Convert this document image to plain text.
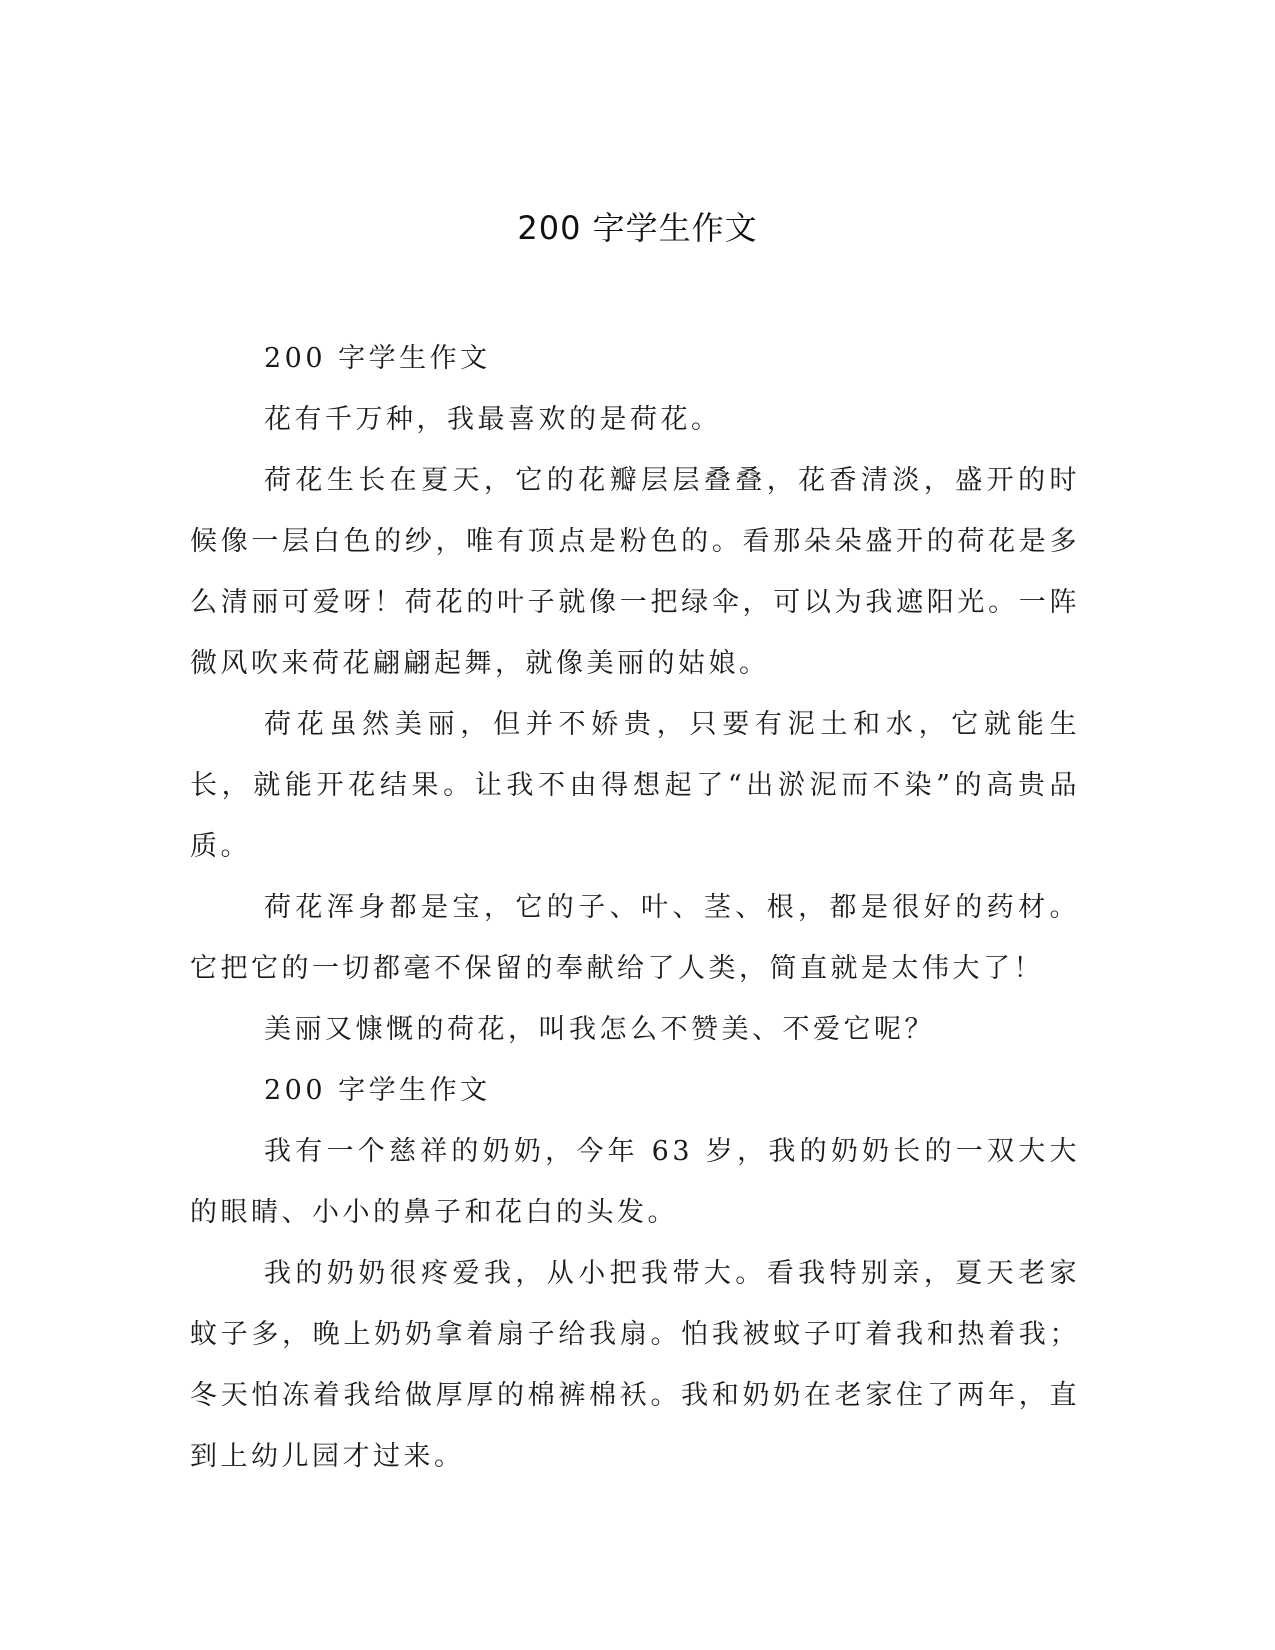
200 字学生作文

200 字学生作文

花有千万种，我最喜欢的是荷花。

荷花生长在夏天，它的花瓣层层叠叠，花香清淡，盛开的时候像一层白色的纱，唯有顶点是粉色的。看那朵朵盛开的荷花是多么清丽可爱呀！荷花的叶子就像一把绿伞，可以为我遮阳光。一阵微风吹来荷花翩翩起舞，就像美丽的姑娘。

荷花虽然美丽，但并不娇贵，只要有泥土和水，它就能生长，就能开花结果。让我不由得想起了“出淤泥而不染”的高贵品质。

荷花浑身都是宝，它的子、叶、茎、根，都是很好的药材。它把它的一切都毫不保留的奉献给了人类，简直就是太伟大了！

美丽又慷慨的荷花，叫我怎么不赞美、不爱它呢？

200 字学生作文

我有一个慈祥的奶奶，今年 63 岁，我的奶奶长的一双大大的眼睛、小小的鼻子和花白的头发。

我的奶奶很疼爱我，从小把我带大。看我特别亲，夏天老家蚊子多，晚上奶奶拿着扇子给我扇。怕我被蚊子叮着我和热着我；冬天怕冻着我给做厚厚的棉裤棉袄。我和奶奶在老家住了两年，直到上幼儿园才过来。
